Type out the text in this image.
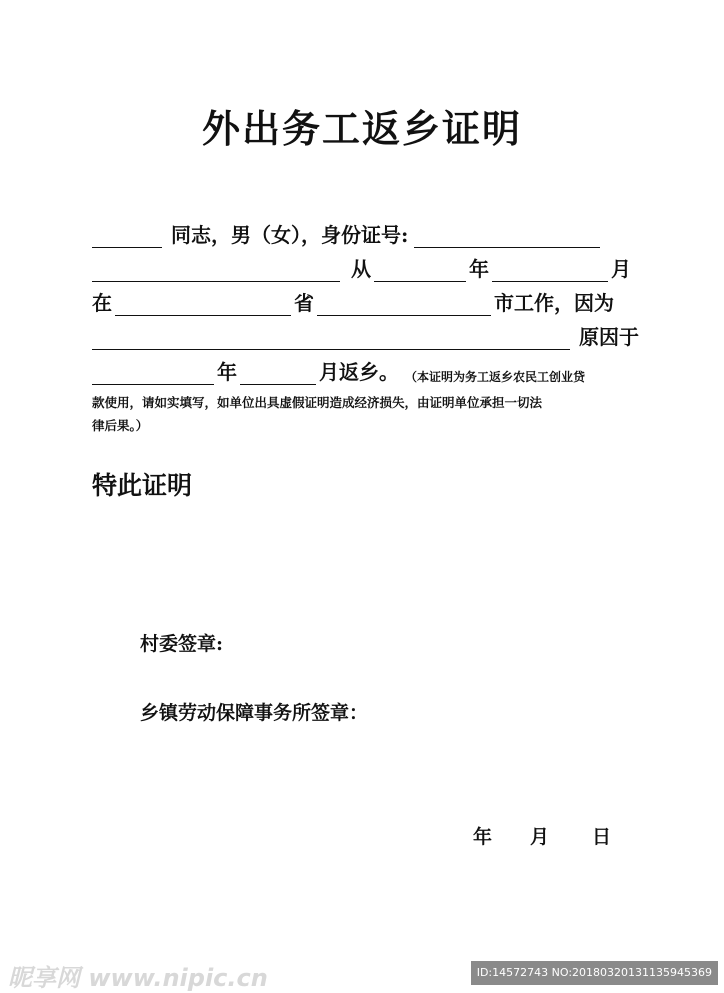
外出务工返乡证明
同志，男（女），身份证号:
从	年	月
在	省	市工作，因为
原因于
年	月返乡。 （本证明为务工返乡农民工创业贷
款使用，请如实填写，如单位出具虚假证明造成经济损失，由证明单位承担一切法
律后果。）
特此证明
村委签章:
乡镇劳动保障事务所签章：
年 月 日
昵享网 www.nipic.cn	ID:14572743 NO:20180320131135945369
